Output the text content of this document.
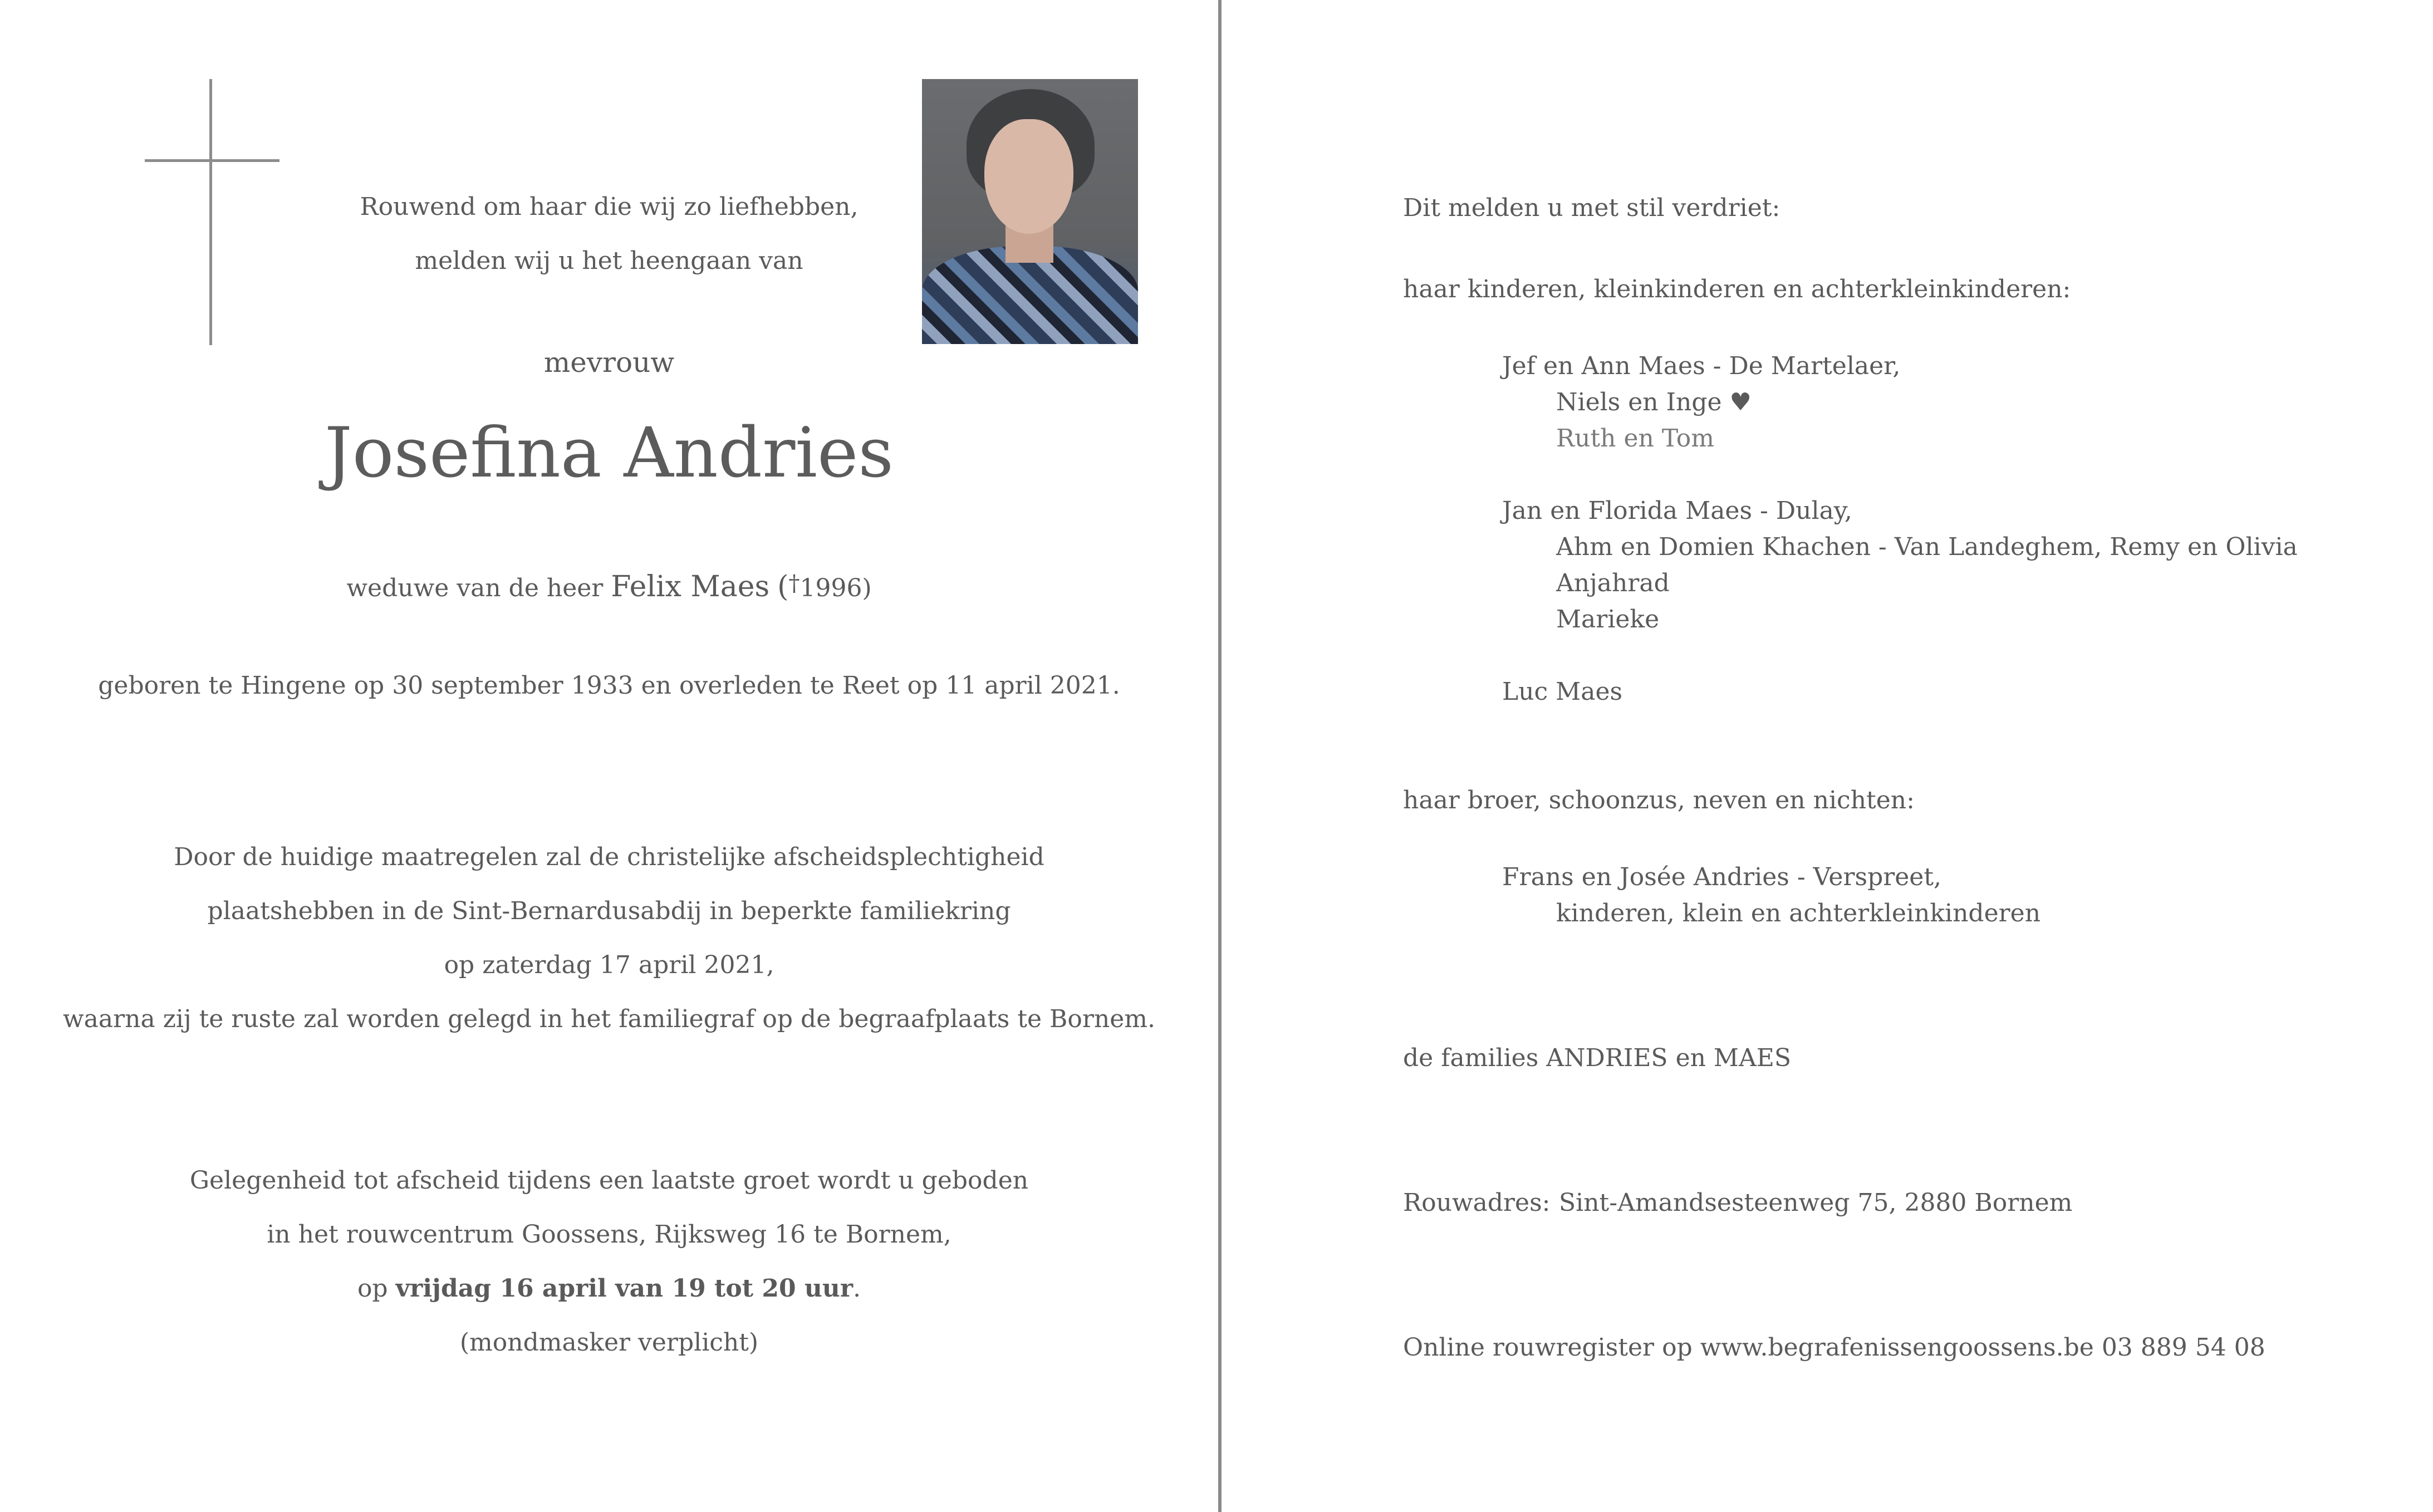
Rouwend om haar die wij zo liefhebben,
melden wij u het heengaan van
mevrouw
Josefina Andries
weduwe van de heer Felix Maes (†1996)
geboren te Hingene op 30 september 1933 en overleden te Reet op 11 april 2021.
Door de huidige maatregelen zal de christelijke afscheidsplechtigheid
plaatshebben in de Sint-Bernardusabdij in beperkte familiekring
op zaterdag 17 april 2021,
waarna zij te ruste zal worden gelegd in het familiegraf op de begraafplaats te Bornem.
Gelegenheid tot afscheid tijdens een laatste groet wordt u geboden
in het rouwcentrum Goossens, Rijksweg 16 te Bornem,
op vrijdag 16 april van 19 tot 20 uur.
(mondmasker verplicht)
Dit melden u met stil verdriet:
haar kinderen, kleinkinderen en achterkleinkinderen:
Jef en Ann Maes - De Martelaer,
Niels en Inge ♥
Ruth en Tom
Jan en Florida Maes - Dulay,
Ahm en Domien Khachen - Van Landeghem, Remy en Olivia
Anjahrad
Marieke
Luc Maes
haar broer, schoonzus, neven en nichten:
Frans en Josée Andries - Verspreet,
kinderen, klein en achterkleinkinderen
de families ANDRIES en MAES
Rouwadres: Sint-Amandsesteenweg 75, 2880 Bornem
Online rouwregister op www.begrafenissengoossens.be 03 889 54 08
